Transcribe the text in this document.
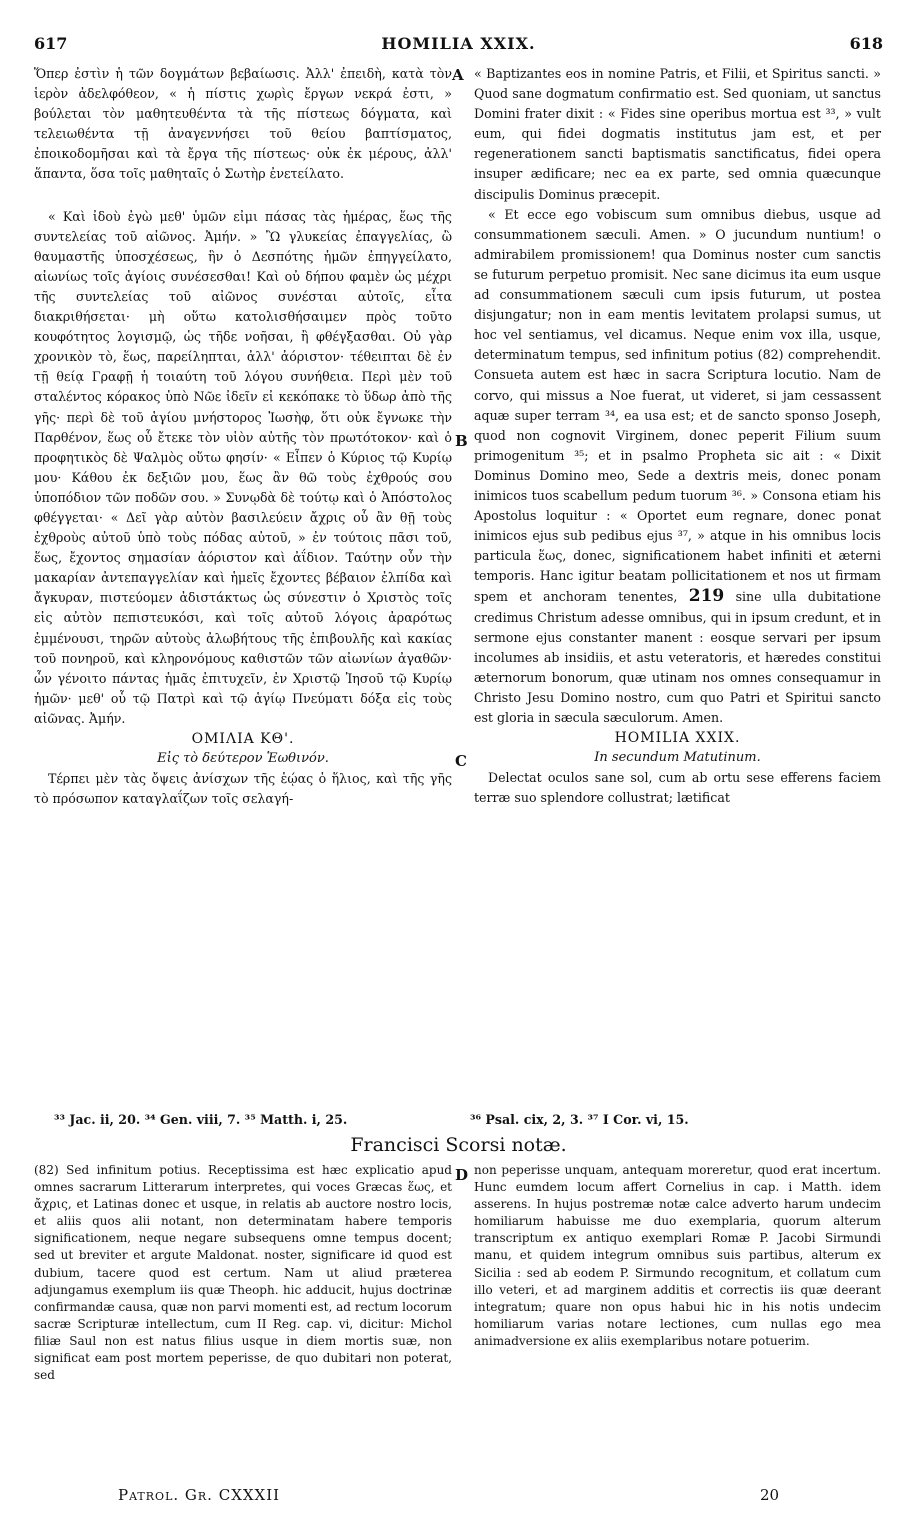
617	HOMILIA XXIX.	618
A
B
C
D

Ὅπερ ἐστὶν ἡ τῶν δογμάτων βεβαίωσις. Ἀλλ' ἐπειδὴ, κατὰ τὸν ἱερὸν ἀδελφόθεον, « ἡ πίστις χωρὶς ἔργων νεκρά ἐστι, » βούλεται τὸν μαθητευθέντα τὰ τῆς πίστεως δόγματα, καὶ τελειωθέντα τῇ ἀναγεννήσει τοῦ θείου βαπτίσματος, ἐποικοδομῆσαι καὶ τὰ ἔργα τῆς πίστεως· οὐκ ἐκ μέρους, ἀλλ' ἅπαντα, ὅσα τοῖς μαθηταῖς ὁ Σωτὴρ ἐνετείλατο.

« Καὶ ἰδοὺ ἐγὼ μεθ' ὑμῶν εἰμι πάσας τὰς ἡμέρας, ἕως τῆς συντελείας τοῦ αἰῶνος. Ἀμήν. » Ὢ γλυκείας ἐπαγγελίας, ὢ θαυμαστῆς ὑποσχέσεως, ἣν ὁ Δεσπότης ἡμῶν ἐπηγγείλατο, αἰωνίως τοῖς ἁγίοις συνέσεσθαι! Καὶ οὐ δήπου φαμὲν ὡς μέχρι τῆς συντελείας τοῦ αἰῶνος συνέσται αὐτοῖς, εἶτα διακριθήσεται· μὴ οὕτω κατολισθήσαιμεν πρὸς τοῦτο κουφότητος λογισμῷ, ὡς τῆδε νοῆσαι, ἢ φθέγξασθαι. Οὐ γὰρ χρονικὸν τὸ, ἕως, παρείληπται, ἀλλ' ἀόριστον· τέθειπται δὲ ἐν τῇ θείᾳ Γραφῇ ἡ τοιαύτη τοῦ λόγου συνήθεια. Περὶ μὲν τοῦ σταλέντος κόρακος ὑπὸ Νῶε ἰδεῖν εἰ κεκόπακε τὸ ὕδωρ ἀπὸ τῆς γῆς· περὶ δὲ τοῦ ἁγίου μνήστορος Ἰωσὴφ, ὅτι οὐκ ἔγνωκε τὴν Παρθένον, ἕως οὗ ἔτεκε τὸν υἱὸν αὐτῆς τὸν πρωτότοκον· καὶ ὁ προφητικὸς δὲ Ψαλμὸς οὕτω φησίν· « Εἶπεν ὁ Κύριος τῷ Κυρίῳ μου· Κάθου ἐκ δεξιῶν μου, ἕως ἂν θῶ τοὺς ἐχθρούς σου ὑποπόδιον τῶν ποδῶν σου. » Συνῳδὰ δὲ τούτῳ καὶ ὁ Ἀπόστολος φθέγγεται· « Δεῖ γὰρ αὐτὸν βασιλεύειν ἄχρις οὗ ἂν θῇ τοὺς ἐχθροὺς αὐτοῦ ὑπὸ τοὺς πόδας αὐτοῦ, » ἐν τούτοις πᾶσι τοῦ, ἕως, ἔχοντος σημασίαν ἀόριστον καὶ ἀΐδιον. Ταύτην οὖν τὴν μακαρίαν ἀντεπαγγελίαν καὶ ἡμεῖς ἔχοντες βέβαιον ἐλπίδα καὶ ἄγκυραν, πιστεύομεν ἀδιστάκτως ὡς σύνεστιν ὁ Χριστὸς τοῖς εἰς αὐτὸν πεπιστευκόσι, καὶ τοῖς αὐτοῦ λόγοις ἀραρότως ἐμμένουσι, τηρῶν αὐτοὺς ἀλωβήτους τῆς ἐπιβουλῆς καὶ κακίας τοῦ πονηροῦ, καὶ κληρονόμους καθιστῶν τῶν αἰωνίων ἀγαθῶν· ὧν γένοιτο πάντας ἡμᾶς ἐπιτυχεῖν, ἐν Χριστῷ Ἰησοῦ τῷ Κυρίῳ ἡμῶν· μεθ' οὗ τῷ Πατρὶ καὶ τῷ ἁγίῳ Πνεύματι δόξα εἰς τοὺς αἰῶνας. Ἀμήν.

ΟΜΙΛΙΑ ΚΘ'.

Εἰς τὸ δεύτερον Ἑωθινόν.

Τέρπει μὲν τὰς ὄψεις ἀνίσχων τῆς ἑῴας ὁ ἥλιος, καὶ τῆς γῆς τὸ πρόσωπον καταγλαΐζων τοῖς σελαγή-

« Baptizantes eos in nomine Patris, et Filii, et Spiritus sancti. » Quod sane dogmatum confirmatio est. Sed quoniam, ut sanctus Domini frater dixit : « Fides sine operibus mortua est ³³, » vult eum, qui fidei dogmatis institutus jam est, et per regenerationem sancti baptismatis sanctificatus, fidei opera insuper ædificare; nec ea ex parte, sed omnia quæcunque discipulis Dominus præcepit.

« Et ecce ego vobiscum sum omnibus diebus, usque ad consummationem sæculi. Amen. » O jucundum nuntium! o admirabilem promissionem! qua Dominus noster cum sanctis se futurum perpetuo promisit. Nec sane dicimus ita eum usque ad consummationem sæculi cum ipsis futurum, ut postea disjungatur; non in eam mentis levitatem prolapsi sumus, ut hoc vel sentiamus, vel dicamus. Neque enim vox illa, usque, determinatum tempus, sed infinitum potius (82) comprehendit. Consueta autem est hæc in sacra Scriptura locutio. Nam de corvo, qui missus a Noe fuerat, ut videret, si jam cessassent aquæ super terram ³⁴, ea usa est; et de sancto sponso Joseph, quod non cognovit Virginem, donec peperit Filium suum primogenitum ³⁵; et in psalmo Propheta sic ait : « Dixit Dominus Domino meo, Sede a dextris meis, donec ponam inimicos tuos scabellum pedum tuorum ³⁶. » Consona etiam his Apostolus loquitur : « Oportet eum regnare, donec ponat inimicos ejus sub pedibus ejus ³⁷, » atque in his omnibus locis particula ἕως, donec, significationem habet infiniti et æterni temporis. Hanc igitur beatam pollicitationem et nos ut firmam spem et anchoram tenentes, 219 sine ulla dubitatione credimus Christum adesse omnibus, qui in ipsum credunt, et in sermone ejus constanter manent : eosque servari per ipsum incolumes ab insidiis, et astu veteratoris, et hæredes constitui æternorum bonorum, quæ utinam nos omnes consequamur in Christo Jesu Domino nostro, cum quo Patri et Spiritui sancto est gloria in sæcula sæculorum. Amen.

HOMILIA XXIX.

In secundum Matutinum.

Delectat oculos sane sol, cum ab ortu sese efferens faciem terræ suo splendore collustrat; lætificat

³³ Jac. ii, 20. ³⁴ Gen. viii, 7. ³⁵ Matth. i, 25.	³⁶ Psal. cix, 2, 3. ³⁷ I Cor. vi, 15.
Francisci Scorsi notæ.

(82) Sed infinitum potius. Receptissima est hæc explicatio apud omnes sacrarum Litterarum interpretes, qui voces Græcas ἕως, et ἄχρις, et Latinas donec et usque, in relatis ab auctore nostro locis, et aliis quos alii notant, non determinatam habere temporis significationem, neque negare subsequens omne tempus docent; sed ut breviter et argute Maldonat. noster, significare id quod est dubium, tacere quod est certum. Nam ut aliud præterea adjungamus exemplum iis quæ Theoph. hic adducit, hujus doctrinæ confirmandæ causa, quæ non parvi momenti est, ad rectum locorum sacræ Scripturæ intellectum, cum II Reg. cap. vi, dicitur: Michol filiæ Saul non est natus filius usque in diem mortis suæ, non significat eam post mortem peperisse, de quo dubitari non poterat, sed

non peperisse unquam, antequam moreretur, quod erat incertum. Hunc eumdem locum affert Cornelius in cap. i Matth. idem asserens. In hujus postremæ notæ calce adverto harum undecim homiliarum habuisse me duo exemplaria, quorum alterum transcriptum ex antiquo exemplari Romæ P. Jacobi Sirmundi manu, et quidem integrum omnibus suis partibus, alterum ex Sicilia : sed ab eodem P. Sirmundo recognitum, et collatum cum illo veteri, et ad marginem additis et correctis iis quæ deerant integratum; quare non opus habui hic in his notis undecim homiliarum varias notare lectiones, cum nullas ego mea animadversione ex aliis exemplaribus notare potuerim.

Patrol. Gr. CXXXII	20
